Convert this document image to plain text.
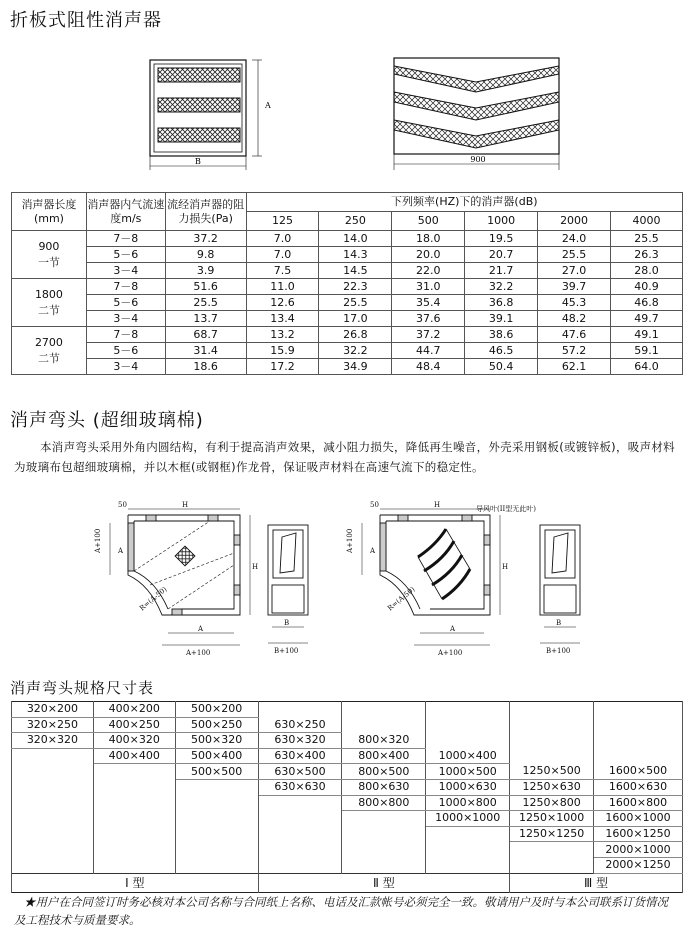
折板式阻性消声器
B
A
900
消声器长度(mm)	消声器内气流速度m/s	流经消声器的阻力损失(Pa)	下列频率(HZ)下的消声器(dB)					
			125	250	500	1000	2000	4000

900
一节	7－8	37.2	7.0	14.0	18.0	19.5	24.0	25.5
	5－6	9.8	7.0	14.3	20.0	20.7	25.5	26.3
	3－4	3.9	7.5	14.5	22.0	21.7	27.0	28.0

1800
二节	7－8	51.6	11.0	22.3	31.0	32.2	39.7	40.9
	5－6	25.5	12.6	25.5	35.4	36.8	45.3	46.8
	3－4	13.7	13.4	17.0	37.6	39.1	48.2	49.7

2700
二节	7－8	68.7	13.2	26.8	37.2	38.6	47.6	49.1
	5－6	31.4	15.9	32.2	44.7	46.5	57.2	59.1
	3－4	18.6	17.2	34.9	48.4	50.4	62.1	64.0
消声弯头 (超细玻璃棉)
本消声弯头采用外角内圆结构，有利于提高消声效果，减小阻力损失，降低再生噪音，外壳采用钢板(或镀锌板)，吸声材料为玻璃布包超细玻璃棉，并以木框(或钢框)作龙骨，保证吸声材料在高速气流下的稳定性。
50	H
A+100 A
H
R=(A-50)
A
A+100
B
B+100
50	H	导风叶(II型无此叶)
A+100 A
H
R=(A-50)
A
A+100
B
B+100
消声弯头规格尺寸表
320×200	400×200	500×200					
320×250	400×250	500×250	630×250				
320×320	400×320	500×320	630×320	800×320			
	400×400	500×400	630×400	800×400	1000×400		
		500×500	630×500	800×500	1000×500	1250×500	1600×500
			630×630	800×630	1000×630	1250×630	1600×630
				800×800	1000×800	1250×800	1600×800
					1000×1000	1250×1000	1600×1000
						1250×1250	1600×1250
							2000×1000
							2000×1250
Ⅰ 型			Ⅱ 型			Ⅲ 型	
★用户在合同签订时务必核对本公司名称与合同纸上名称、电话及汇款帐号必须完全一致。敬请用户及时与本公司联系订货情况及工程技术与质量要求。
